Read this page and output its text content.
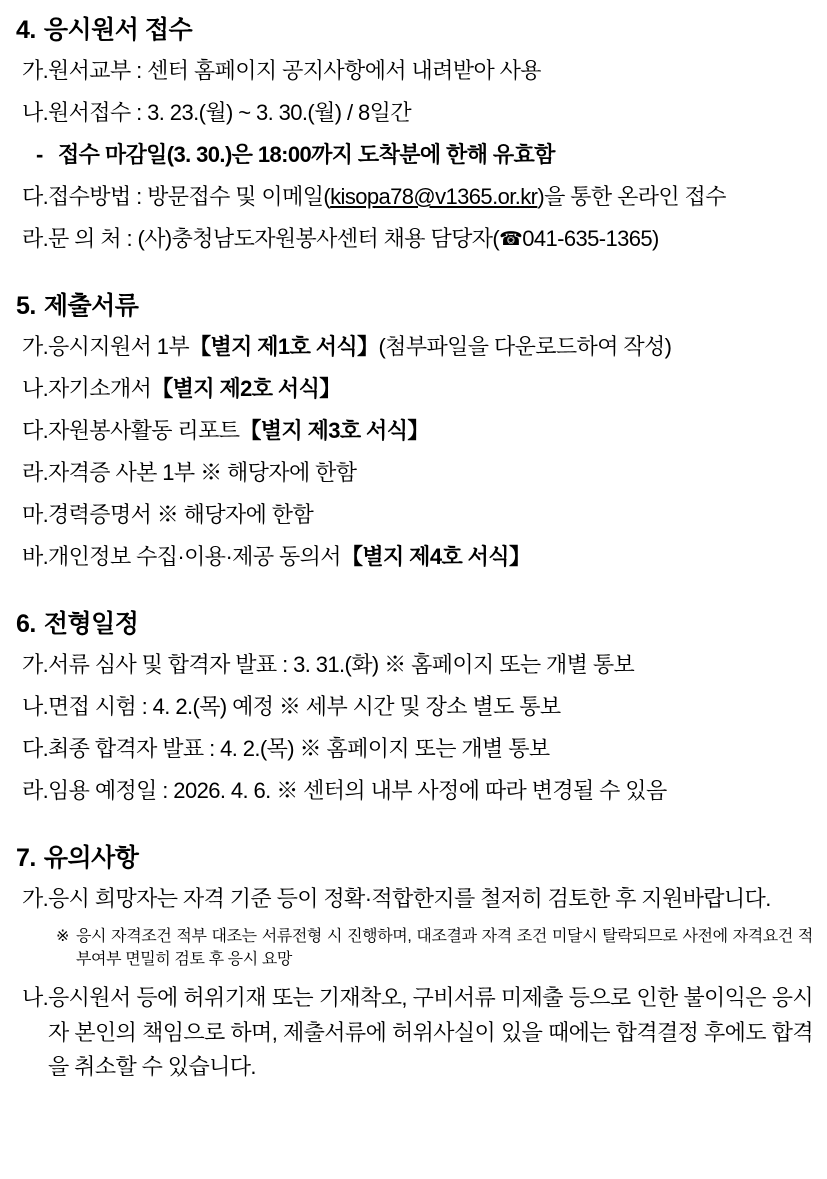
4. 응시원서 접수

가.원서교부 : 센터 홈페이지 공지사항에서 내려받아 사용

나.원서접수 : 3. 23.(월) ~ 3. 30.(월) / 8일간

- 접수 마감일(3. 30.)은 18:00까지 도착분에 한해 유효함

다.접수방법 : 방문접수 및 이메일(kisopa78@v1365.or.kr)을 통한 온라인 접수

라.문 의 처 : (사)충청남도자원봉사센터 채용 담당자(☎041-635-1365)

5. 제출서류

가.응시지원서 1부【별지 제1호 서식】(첨부파일을 다운로드하여 작성)

나.자기소개서【별지 제2호 서식】

다.자원봉사활동 리포트【별지 제3호 서식】

라.자격증 사본 1부 ※ 해당자에 한함

마.경력증명서 ※ 해당자에 한함

바.개인정보 수집·이용·제공 동의서【별지 제4호 서식】

6. 전형일정

가.서류 심사 및 합격자 발표 : 3. 31.(화) ※ 홈페이지 또는 개별 통보

나.면접 시험 : 4. 2.(목) 예정 ※ 세부 시간 및 장소 별도 통보

다.최종 합격자 발표 : 4. 2.(목) ※ 홈페이지 또는 개별 통보

라.임용 예정일 : 2026. 4. 6. ※ 센터의 내부 사정에 따라 변경될 수 있음

7. 유의사항

가.응시 희망자는 자격 기준 등이 정확·적합한지를 철저히 검토한 후 지원바랍니다.

※ 응시 자격조건 적부 대조는 서류전형 시 진행하며, 대조결과 자격 조건 미달시 탈락되므로 사전에 자격요건 적부여부 면밀히 검토 후 응시 요망

나.응시원서 등에 허위기재 또는 기재착오, 구비서류 미제출 등으로 인한 불이익은 응시자 본인의 책임으로 하며, 제출서류에 허위사실이 있을 때에는 합격결정 후에도 합격을 취소할 수 있습니다.
